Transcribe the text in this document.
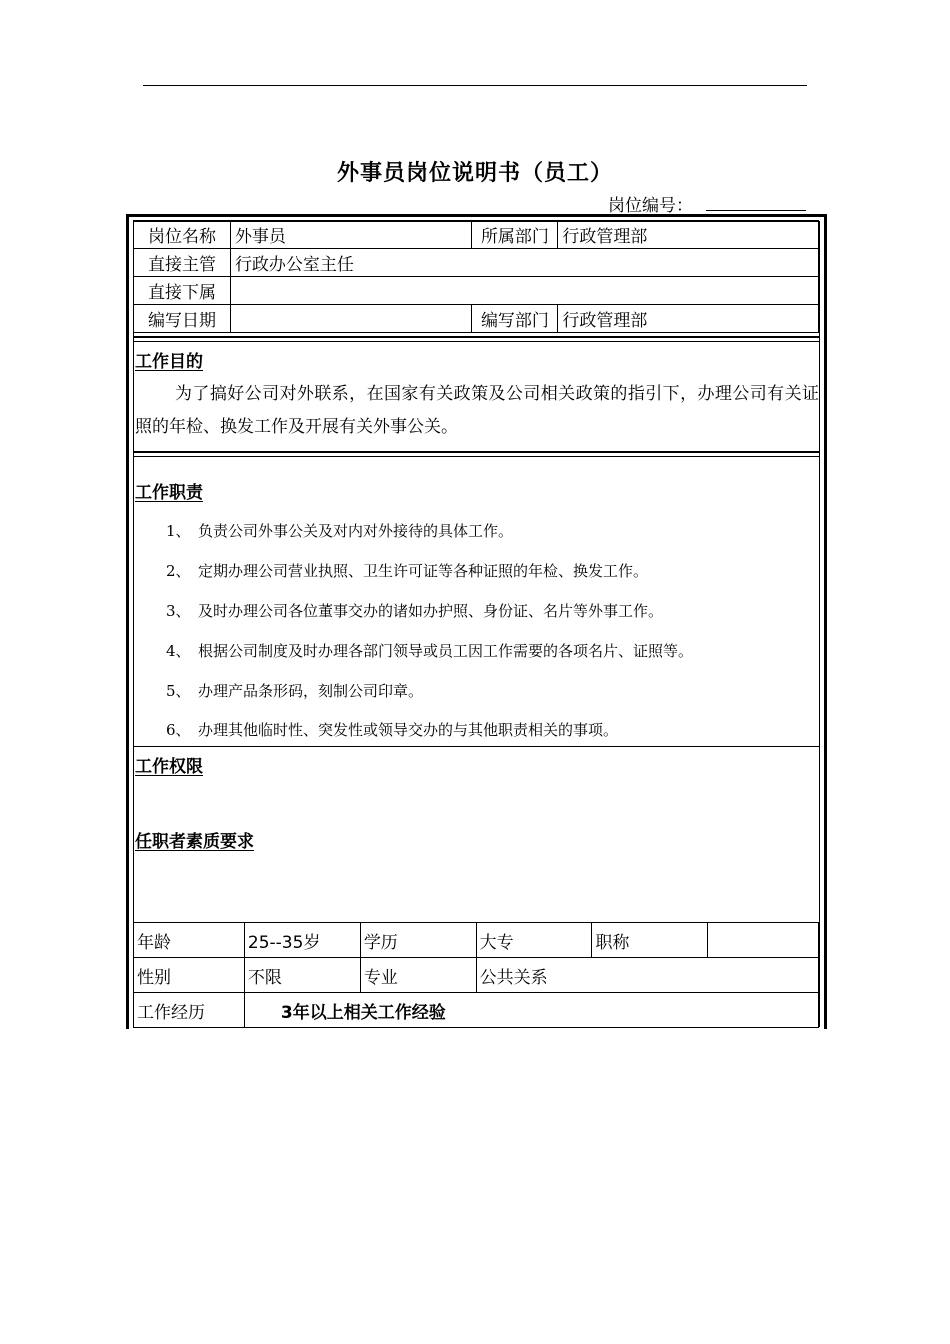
外事员岗位说明书（员工）
岗位编号：
岗位名称	外事员	所属部门	行政管理部
直接主管	行政办公室主任		
直接下属			
编写日期		编写部门	行政管理部
工作目的
为了搞好公司对外联系，在国家有关政策及公司相关政策的指引下，办理公司有关证照的年检、换发工作及开展有关外事公关。
工作职责
1、 负责公司外事公关及对内对外接待的具体工作。
2、 定期办理公司营业执照、卫生许可证等各种证照的年检、换发工作。
3、 及时办理公司各位董事交办的诸如办护照、身份证、名片等外事工作。
4、 根据公司制度及时办理各部门领导或员工因工作需要的各项名片、证照等。
5、 办理产品条形码，刻制公司印章。
6、 办理其他临时性、突发性或领导交办的与其他职责相关的事项。
工作权限
任职者素质要求
年龄	25--35岁	学历	大专	职称	
性别	不限	专业	公共关系		
工作经历	3年以上相关工作经验				
